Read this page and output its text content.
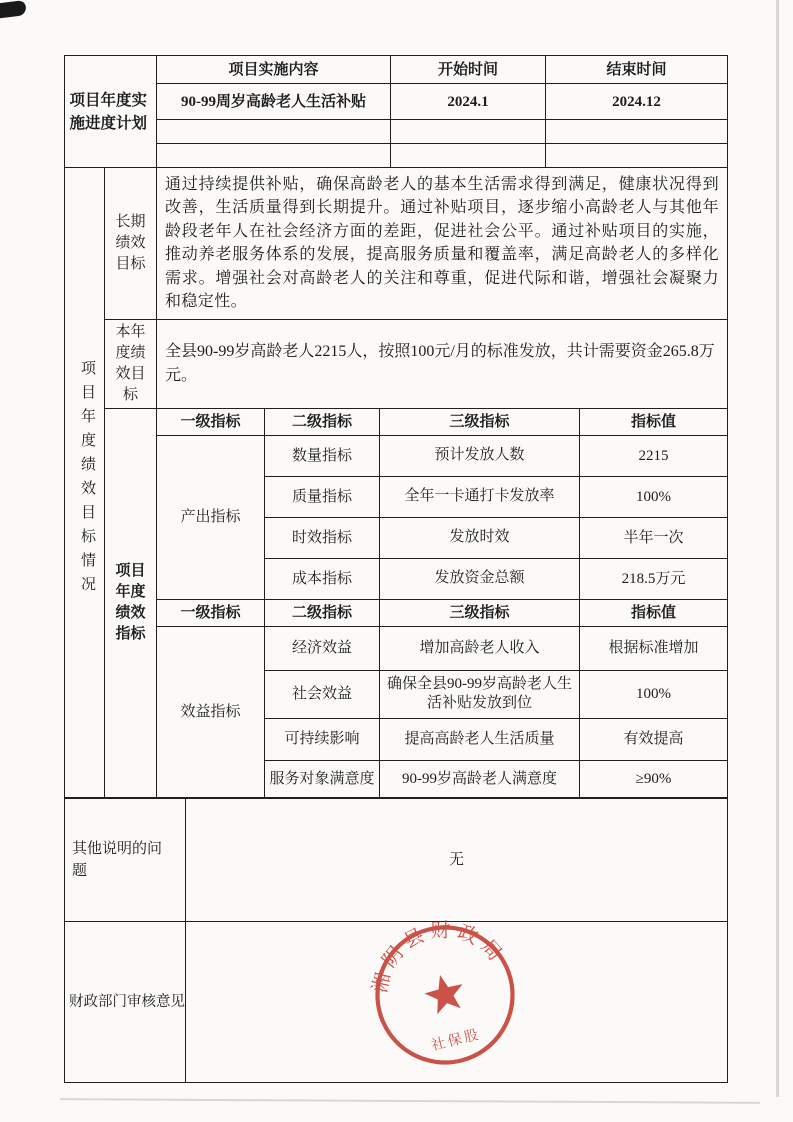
项目年度实施进度计划	项目实施内容	开始时间	结束时间
	90-99周岁高龄老人生活补贴	2024.1	2024.12

项目年度绩效目标情况	长期绩效目标	通过持续提供补贴，确保高龄老人的基本生活需求得到满足，健康状况得到改善，生活质量得到长期提升。通过补贴项目，逐步缩小高龄老人与其他年龄段老年人在社会经济方面的差距，促进社会公平。通过补贴项目的实施，推动养老服务体系的发展，提高服务质量和覆盖率，满足高龄老人的多样化需求。增强社会对高龄老人的关注和尊重，促进代际和谐，增强社会凝聚力和稳定性。			
	本年度绩效目标	全县90-99岁高龄老人2215人，按照100元/月的标准发放，共计需要资金265.8万元。			
	项目年度绩效指标	一级指标	二级指标	三级指标	指标值
		产出指标	数量指标	预计发放人数	2215
			质量指标	全年一卡通打卡发放率	100%
			时效指标	发放时效	半年一次
			成本指标	发放资金总额	218.5万元
		一级指标	二级指标	三级指标	指标值
		效益指标	经济效益	增加高龄老人收入	根据标准增加
			社会效益	确保全县90-99岁高龄老人生活补贴发放到位	100%
			可持续影响	提高高龄老人生活质量	有效提高
			服务对象满意度	90-99岁高龄老人满意度	≥90%
其他说明的问题	无
财政部门审核意见	
湘阴县财政局
社保股
